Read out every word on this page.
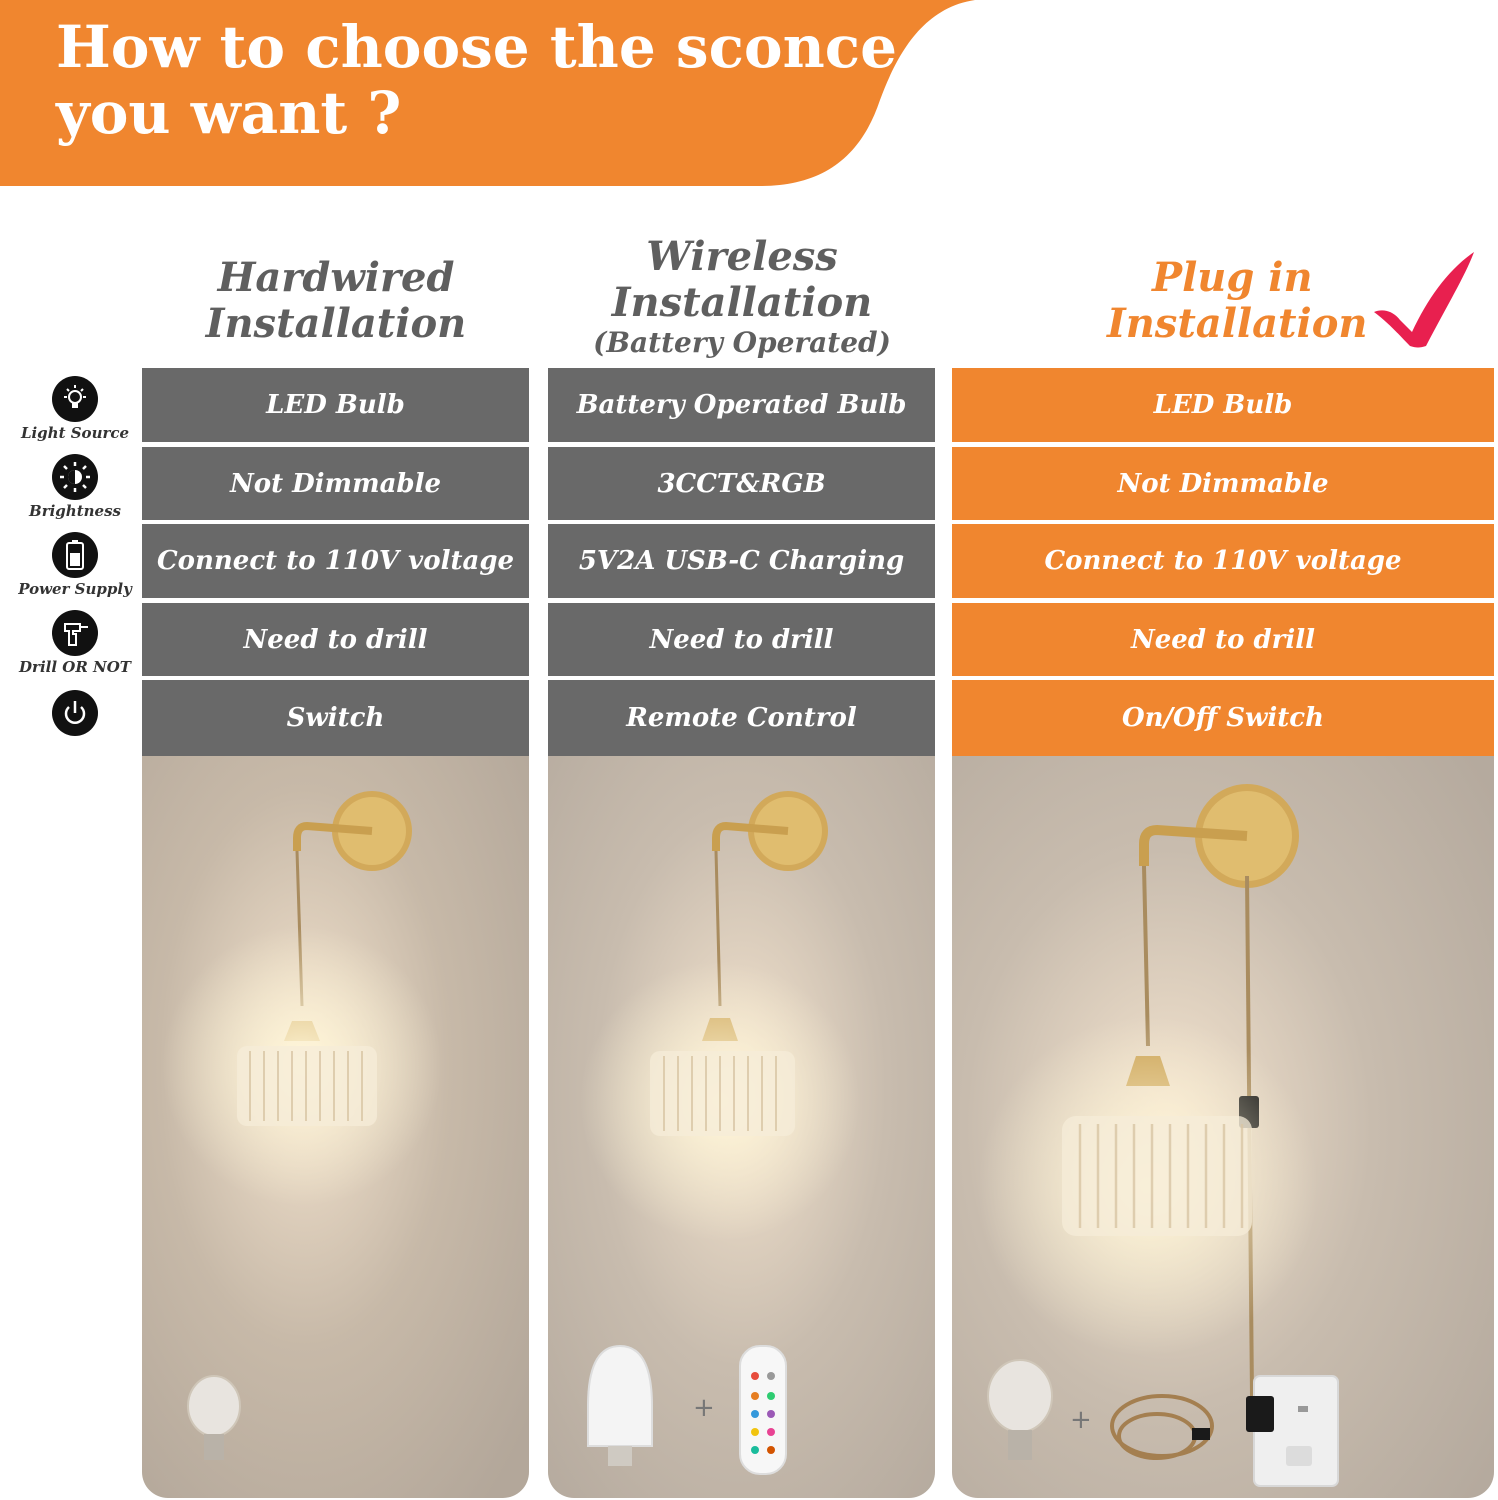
How to choose the sconce
you want ?
Hardwired
Installation
Wireless
Installation
(Battery Operated)
Plug in
Installation
Light Source
Brightness
Power Supply
Drill OR NOT
LED Bulb
Not Dimmable
Connect to 110V voltage
Need to drill
Switch
Battery Operated Bulb
3CCT&RGB
5V2A USB-C Charging
Need to drill
Remote Control
LED Bulb
Not Dimmable
Connect to 110V voltage
Need to drill
On/Off Switch
+	+
